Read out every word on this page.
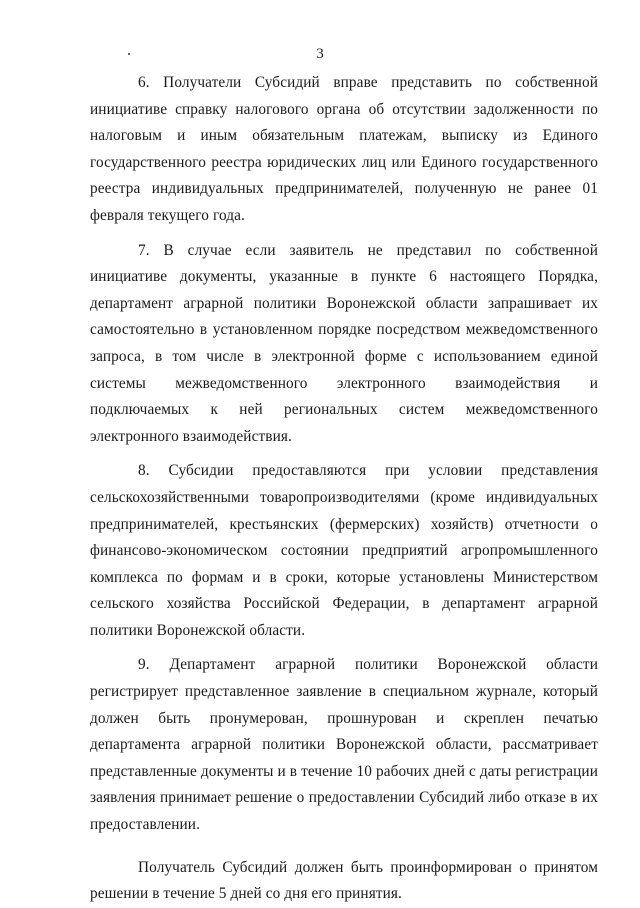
3

6. Получатели Субсидий вправе представить по собственной инициативе справку налогового органа об отсутствии задолженности по налоговым и иным обязательным платежам, выписку из Единого государственного реестра юридических лиц или Единого государственного реестра индивидуальных предпринимателей, полученную не ранее 01 февраля текущего года.

7. В случае если заявитель не представил по собственной инициативе документы, указанные в пункте 6 настоящего Порядка, департамент аграрной политики Воронежской области запрашивает их самостоятельно в установленном порядке посредством межведомственного запроса, в том числе в электронной форме с использованием единой системы межведомственного электронного взаимодействия и подключаемых к ней региональных систем межведомственного электронного взаимодействия.

8. Субсидии предоставляются при условии представления сельскохозяйственными товаропроизводителями (кроме индивидуальных предпринимателей, крестьянских (фермерских) хозяйств) отчетности о финансово-экономическом состоянии предприятий агропромышленного комплекса по формам и в сроки, которые установлены Министерством сельского хозяйства Российской Федерации, в департамент аграрной политики Воронежской области.

9. Департамент аграрной политики Воронежской области регистрирует представленное заявление в специальном журнале, который должен быть пронумерован, прошнурован и скреплен печатью департамента аграрной политики Воронежской области, рассматривает представленные документы и в течение 10 рабочих дней с даты регистрации заявления принимает решение о предоставлении Субсидий либо отказе в их предоставлении.

Получатель Субсидий должен быть проинформирован о принятом решении в течение 5 дней со дня его принятия.
